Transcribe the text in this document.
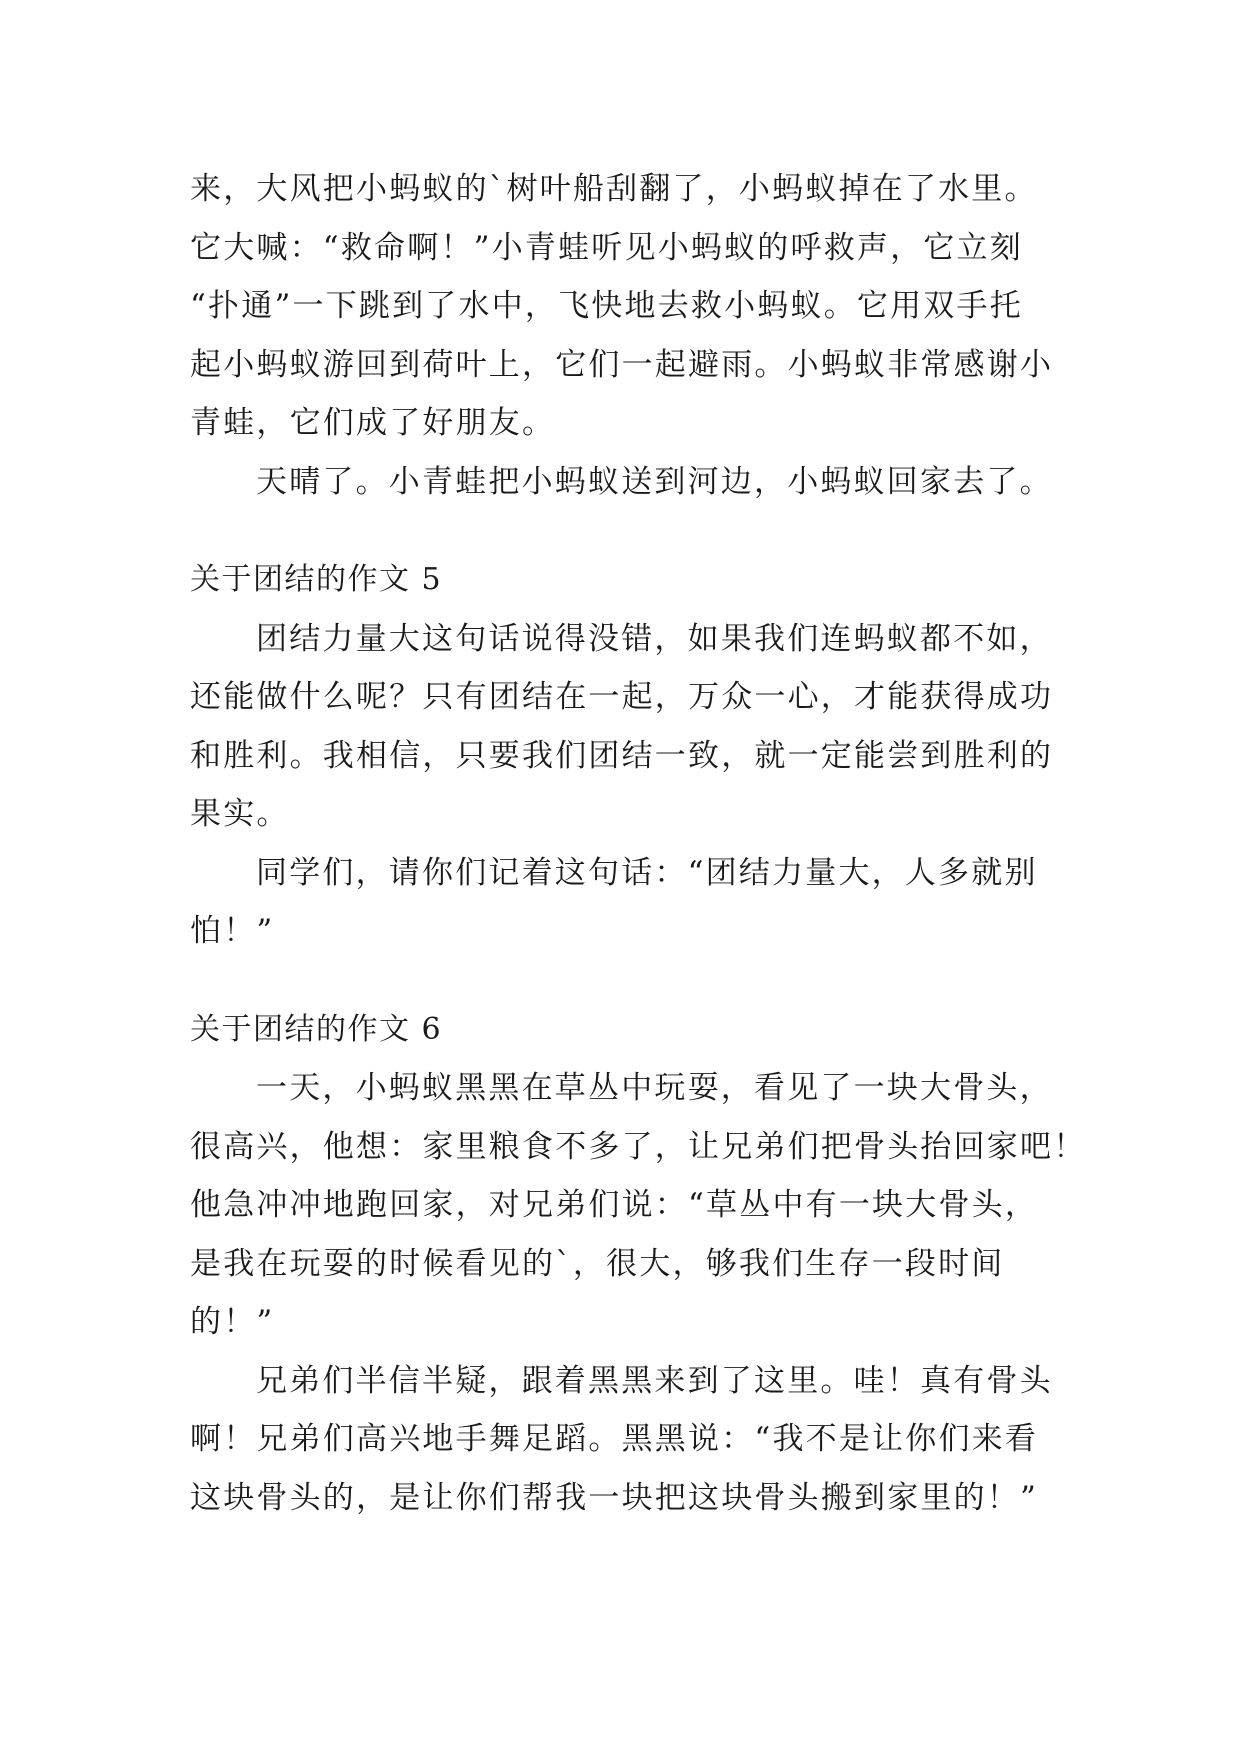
来，大风把小蚂蚁的`树叶船刮翻了，小蚂蚁掉在了水里。
它大喊：“救命啊！”小青蛙听见小蚂蚁的呼救声，它立刻
“扑通”一下跳到了水中，飞快地去救小蚂蚁。它用双手托
起小蚂蚁游回到荷叶上，它们一起避雨。小蚂蚁非常感谢小
青蛙，它们成了好朋友。
天晴了。小青蛙把小蚂蚁送到河边，小蚂蚁回家去了。
关于团结的作文 5
团结力量大这句话说得没错，如果我们连蚂蚁都不如，
还能做什么呢？只有团结在一起，万众一心，才能获得成功
和胜利。我相信，只要我们团结一致，就一定能尝到胜利的
果实。
同学们，请你们记着这句话：“团结力量大，人多就别
怕！”
关于团结的作文 6
一天，小蚂蚁黑黑在草丛中玩耍，看见了一块大骨头，
很高兴，他想：家里粮食不多了，让兄弟们把骨头抬回家吧！
他急冲冲地跑回家，对兄弟们说：“草丛中有一块大骨头，
是我在玩耍的时候看见的`，很大，够我们生存一段时间
的！”
兄弟们半信半疑，跟着黑黑来到了这里。哇！真有骨头
啊！兄弟们高兴地手舞足蹈。黑黑说：“我不是让你们来看
这块骨头的，是让你们帮我一块把这块骨头搬到家里的！”
